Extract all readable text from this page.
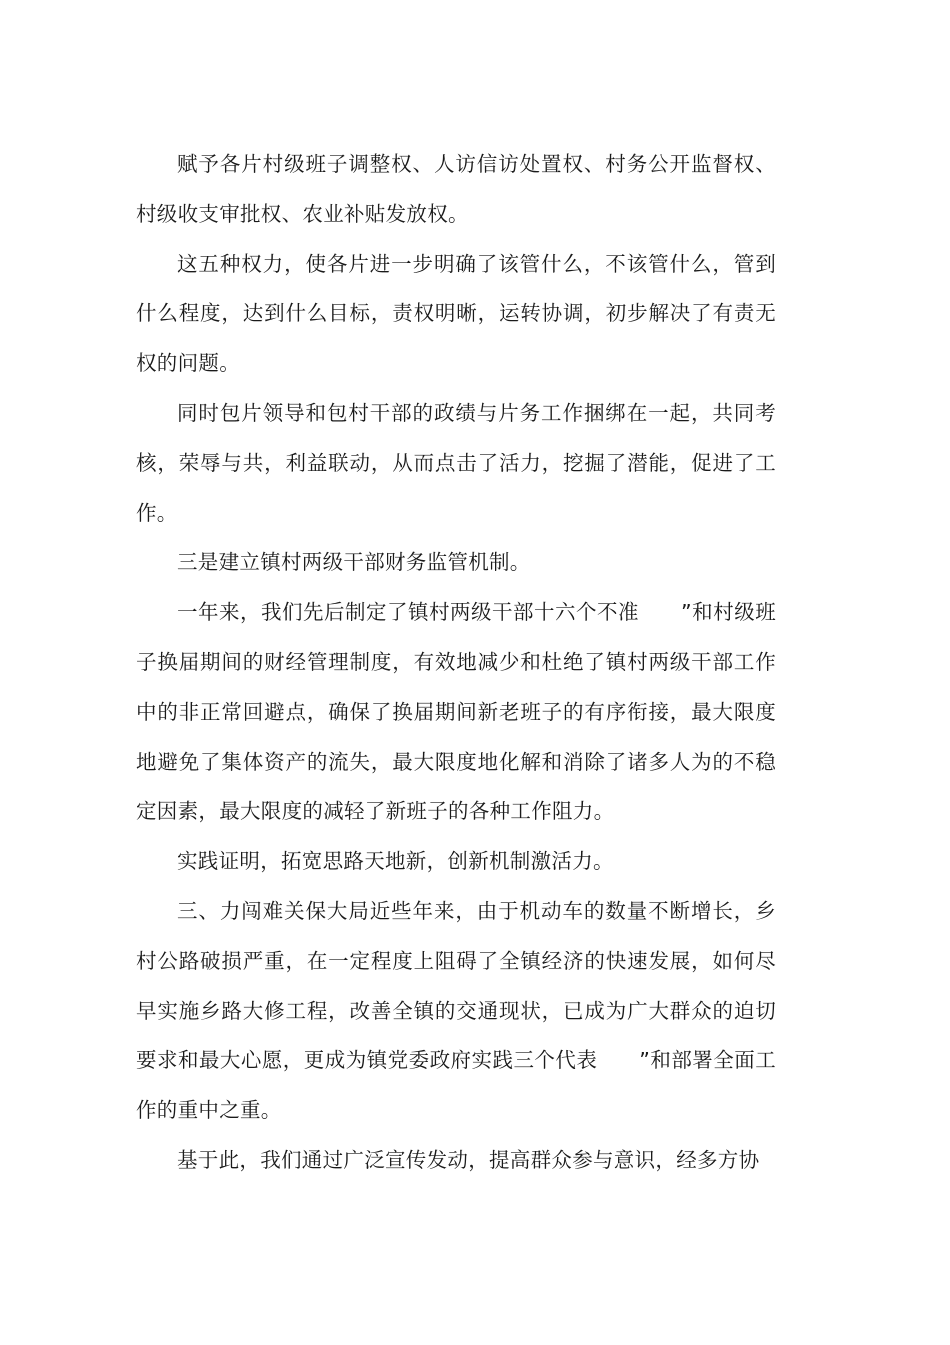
赋予各片村级班子调整权、人访信访处置权、村务公开监督权、村级收支审批权、农业补贴发放权。

这五种权力，使各片进一步明确了该管什么，不该管什么，管到什么程度，达到什么目标，责权明晰，运转协调，初步解决了有责无权的问题。

同时包片领导和包村干部的政绩与片务工作捆绑在一起，共同考核，荣辱与共，利益联动，从而点击了活力，挖掘了潜能，促进了工作。

三是建立镇村两级干部财务监管机制。

一年来，我们先后制定了镇村两级干部十六个不准　　”和村级班子换届期间的财经管理制度，有效地减少和杜绝了镇村两级干部工作中的非正常回避点，确保了换届期间新老班子的有序衔接，最大限度地避免了集体资产的流失，最大限度地化解和消除了诸多人为的不稳定因素，最大限度的减轻了新班子的各种工作阻力。

实践证明，拓宽思路天地新，创新机制激活力。

三、力闯难关保大局近些年来，由于机动车的数量不断增长，乡村公路破损严重，在一定程度上阻碍了全镇经济的快速发展，如何尽早实施乡路大修工程，改善全镇的交通现状，已成为广大群众的迫切要求和最大心愿，更成为镇党委政府实践三个代表　　”和部署全面工作的重中之重。

基于此，我们通过广泛宣传发动，提高群众参与意识，经多方协
